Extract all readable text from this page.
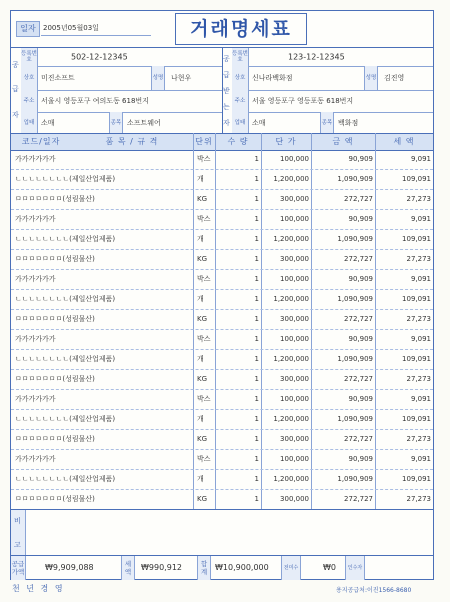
일자	2005년05월03일	거래명세표
공
급
자
등록번호	502-12-12345
상호 미진소프트	성명 나현우
주소 서울시 영등포구 여의도동 618번지
업태 소매	종목 소프트웨어
공
급
받
는
자
등록번호	123-12-12345
상호 신나라백화점	성명 김진영
주소 서울 영등포구 영등포동 618번지
업태 소매	종목 백화점
코드/일자	품 목 / 규 격	단위	수 량	단 가	금 액	세 액
가가가가가가	박스	1	100,000	90,909	9,091
ㄴㄴㄴㄴㄴㄴㄴㄴ(제일산업제품)	개	1	1,200,000	1,090,909	109,091
ㅁㅁㅁㅁㅁㅁㅁ(성림물산)	KG	1	300,000	272,727	27,273
가가가가가가	박스	1	100,000	90,909	9,091
ㄴㄴㄴㄴㄴㄴㄴㄴ(제일산업제품)	개	1	1,200,000	1,090,909	109,091
ㅁㅁㅁㅁㅁㅁㅁ(성림물산)	KG	1	300,000	272,727	27,273
가가가가가가	박스	1	100,000	90,909	9,091
ㄴㄴㄴㄴㄴㄴㄴㄴ(제일산업제품)	개	1	1,200,000	1,090,909	109,091
ㅁㅁㅁㅁㅁㅁㅁ(성림물산)	KG	1	300,000	272,727	27,273
가가가가가가	박스	1	100,000	90,909	9,091
ㄴㄴㄴㄴㄴㄴㄴㄴ(제일산업제품)	개	1	1,200,000	1,090,909	109,091
ㅁㅁㅁㅁㅁㅁㅁ(성림물산)	KG	1	300,000	272,727	27,273
가가가가가가	박스	1	100,000	90,909	9,091
ㄴㄴㄴㄴㄴㄴㄴㄴ(제일산업제품)	개	1	1,200,000	1,090,909	109,091
ㅁㅁㅁㅁㅁㅁㅁ(성림물산)	KG	1	300,000	272,727	27,273
가가가가가가	박스	1	100,000	90,909	9,091
ㄴㄴㄴㄴㄴㄴㄴㄴ(제일산업제품)	개	1	1,200,000	1,090,909	109,091
ㅁㅁㅁㅁㅁㅁㅁ(성림물산)	KG	1	300,000	272,727	27,273
비
고
공급가액	₩9,909,088	세액	₩990,912	합계 ₩10,900,000	전미수	₩0	인수자
천 년 경 영	용지공급처:이진1566-8680
